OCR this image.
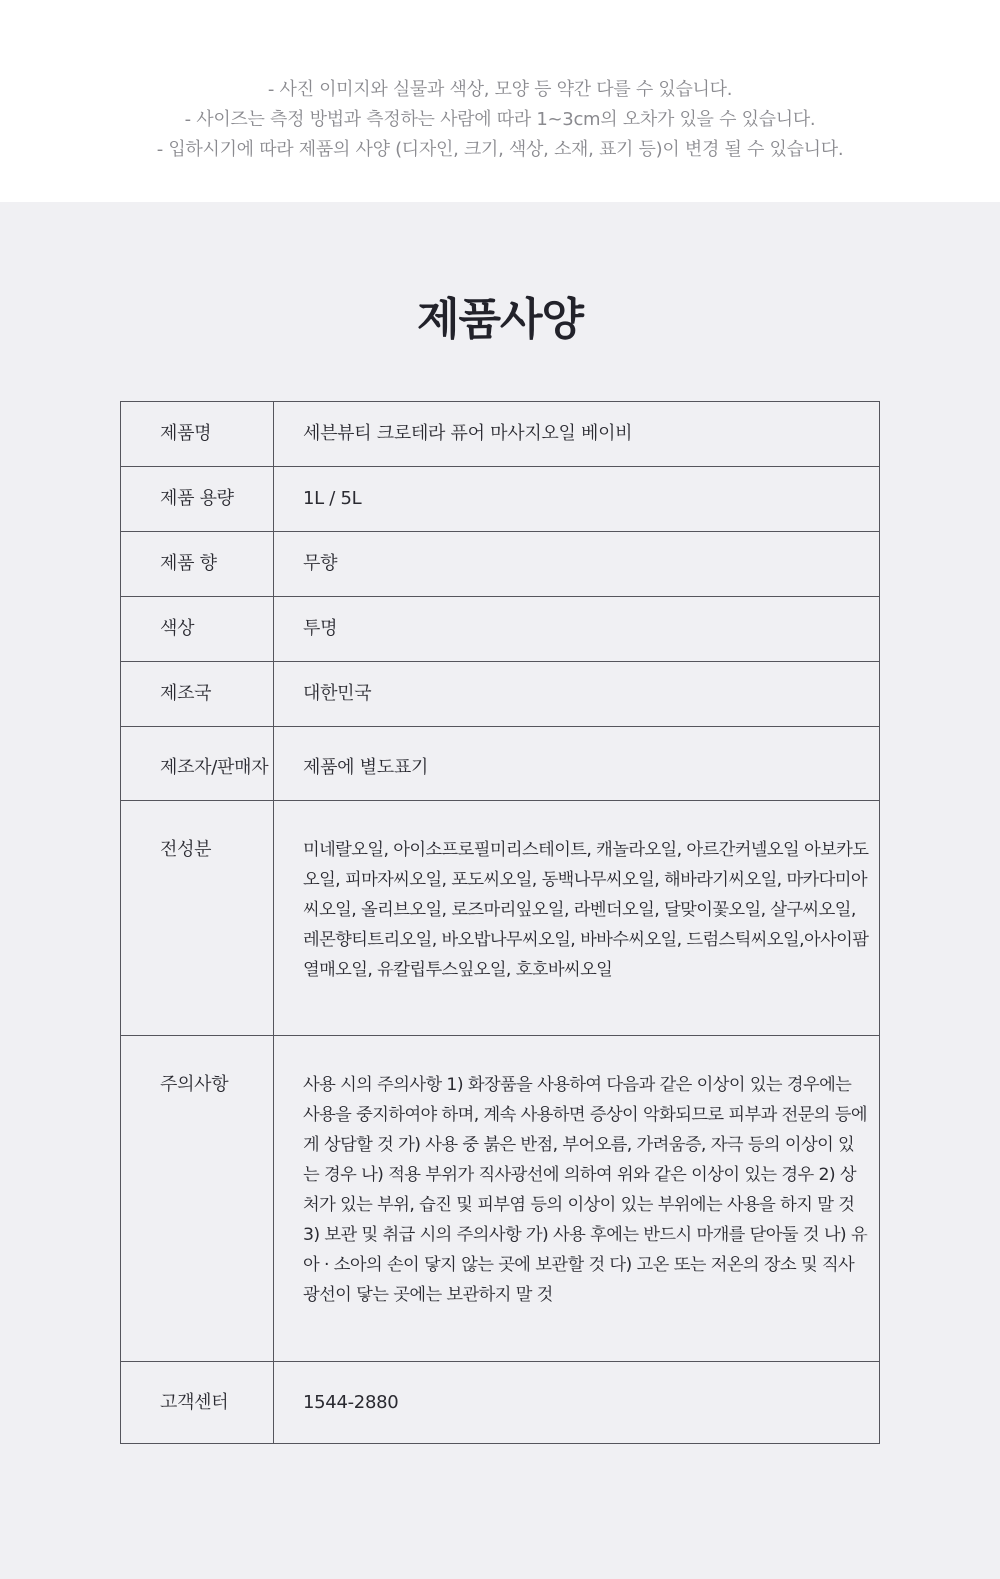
- 사진 이미지와 실물과 색상, 모양 등 약간 다를 수 있습니다.
- 사이즈는 측정 방법과 측정하는 사람에 따라 1~3cm의 오차가 있을 수 있습니다.
- 입하시기에 따라 제품의 사양 (디자인, 크기, 색상, 소재, 표기 등)이 변경 될 수 있습니다.
제품사양
제품명	세븐뷰티 크로테라 퓨어 마사지오일 베이비
제품 용량	1L / 5L
제품 향	무향
색상	투명
제조국	대한민국
제조자/판매자	제품에 별도표기
전성분	미네랄오일, 아이소프로필미리스테이트, 캐놀라오일, 아르간커넬오일 아보카도오일, 피마자씨오일, 포도씨오일, 동백나무씨오일, 해바라기씨오일, 마카다미아씨오일, 올리브오일, 로즈마리잎오일, 라벤더오일, 달맞이꽃오일, 살구씨오일, 레몬향티트리오일, 바오밥나무씨오일, 바바수씨오일, 드럼스틱씨오일,아사이팜열매오일, 유칼립투스잎오일, 호호바씨오일
주의사항	사용 시의 주의사항 1) 화장품을 사용하여 다음과 같은 이상이 있는 경우에는 사용을 중지하여야 하며, 계속 사용하면 증상이 악화되므로 피부과 전문의 등에게 상담할 것 가) 사용 중 붉은 반점, 부어오름, 가려움증, 자극 등의 이상이 있는 경우 나) 적용 부위가 직사광선에 의하여 위와 같은 이상이 있는 경우 2) 상처가 있는 부위, 습진 및 피부염 등의 이상이 있는 부위에는 사용을 하지 말 것 3) 보관 및 취급 시의 주의사항 가) 사용 후에는 반드시 마개를 닫아둘 것 나) 유아 · 소아의 손이 닿지 않는 곳에 보관할 것 다) 고온 또는 저온의 장소 및 직사광선이 닿는 곳에는 보관하지 말 것
고객센터	1544-2880
